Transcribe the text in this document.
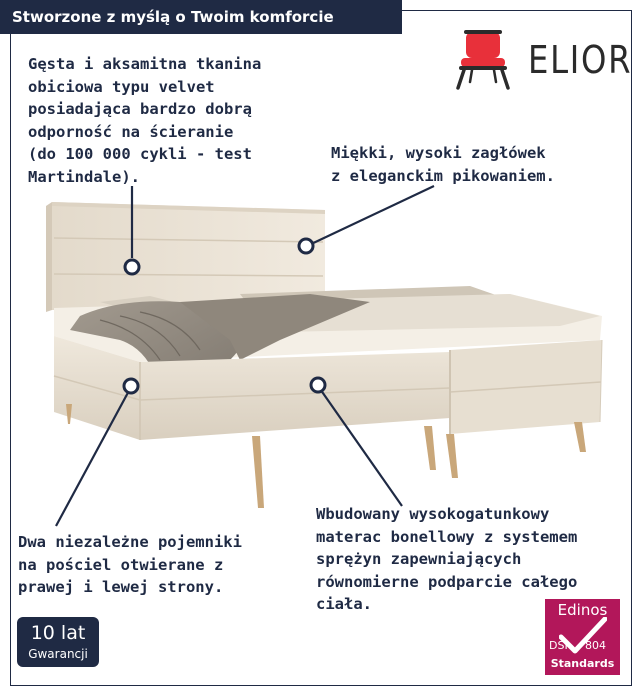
Stworzone z myślą o Twoim komforcie
ELIOR
Gęsta i aksamitna tkanina
obiciowa typu velvet
posiadająca bardzo dobrą
odporność na ścieranie
(do 100 000 cykli - test
Martindale).
Miękki, wysoki zagłówek
z eleganckim pikowaniem.
Dwa niezależne pojemniki
na pościel otwierane z
prawej i lewej strony.
Wbudowany wysokogatunkowy
materac bonellowy z systemem
sprężyn zapewniających
równomierne podparcie całego
ciała.
10 lat
Gwarancji
Edinos
DSI 804
Standards
